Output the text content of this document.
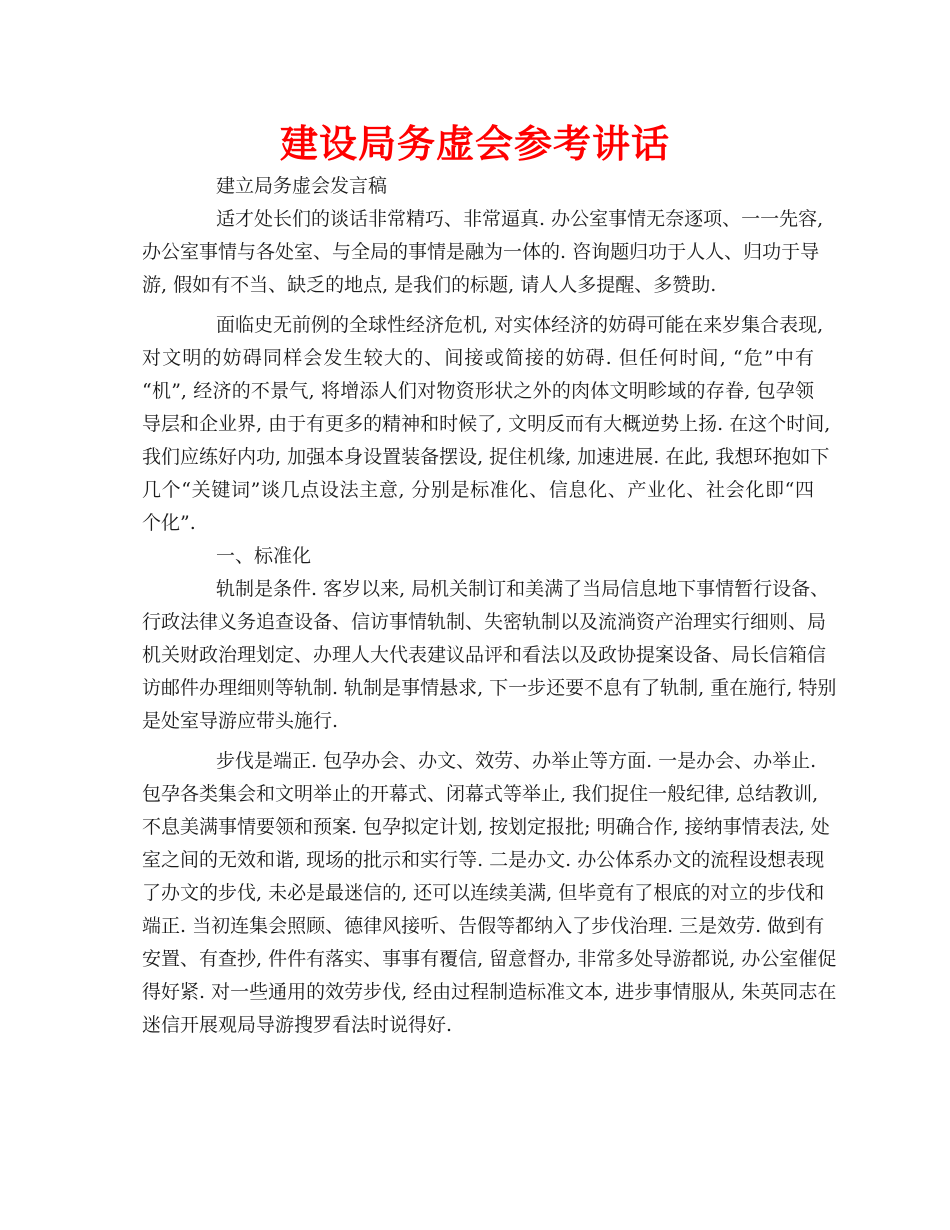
建设局务虚会参考讲话
建立局务虚会发言稿
适才处长们的谈话非常精巧、非常逼真. 办公室事情无奈逐项、一一先容,
办公室事情与各处室、与全局的事情是融为一体的. 咨询题归功于人人、归功于导
游, 假如有不当、缺乏的地点, 是我们的标题, 请人人多提醒、多赞助.
面临史无前例的全球性经济危机, 对实体经济的妨碍可能在来岁集合表现,
对文明的妨碍同样会发生较大的、间接或简接的妨碍. 但任何时间, “危”中有
“机”, 经济的不景气, 将增添人们对物资形状之外的肉体文明畛域的存眷, 包孕领
导层和企业界, 由于有更多的精神和时候了, 文明反而有大概逆势上扬. 在这个时间,
我们应练好内功, 加强本身设置装备摆设, 捉住机缘, 加速进展. 在此, 我想环抱如下
几个“关键词”谈几点设法主意, 分别是标准化、信息化、产业化、社会化即“四
个化”.
一、标准化
轨制是条件. 客岁以来, 局机关制订和美满了当局信息地下事情暂行设备、
行政法律义务追查设备、信访事情轨制、失密轨制以及流淌资产治理实行细则、局
机关财政治理划定、办理人大代表建议品评和看法以及政协提案设备、局长信箱信
访邮件办理细则等轨制. 轨制是事情悬求, 下一步还要不息有了轨制, 重在施行, 特别
是处室导游应带头施行.
步伐是端正. 包孕办会、办文、效劳、办举止等方面. 一是办会、办举止.
包孕各类集会和文明举止的开幕式、闭幕式等举止, 我们捉住一般纪律, 总结教训,
不息美满事情要领和预案. 包孕拟定计划, 按划定报批; 明确合作, 接纳事情表法, 处
室之间的无效和谐, 现场的批示和实行等. 二是办文. 办公体系办文的流程设想表现
了办文的步伐, 未必是最迷信的, 还可以连续美满, 但毕竟有了根底的对立的步伐和
端正. 当初连集会照顾、德律风接听、告假等都纳入了步伐治理. 三是效劳. 做到有
安置、有查抄, 件件有落实、事事有覆信, 留意督办, 非常多处导游都说, 办公室催促
得好紧. 对一些通用的效劳步伐, 经由过程制造标准文本, 进步事情服从, 朱英同志在
迷信开展观局导游搜罗看法时说得好.
